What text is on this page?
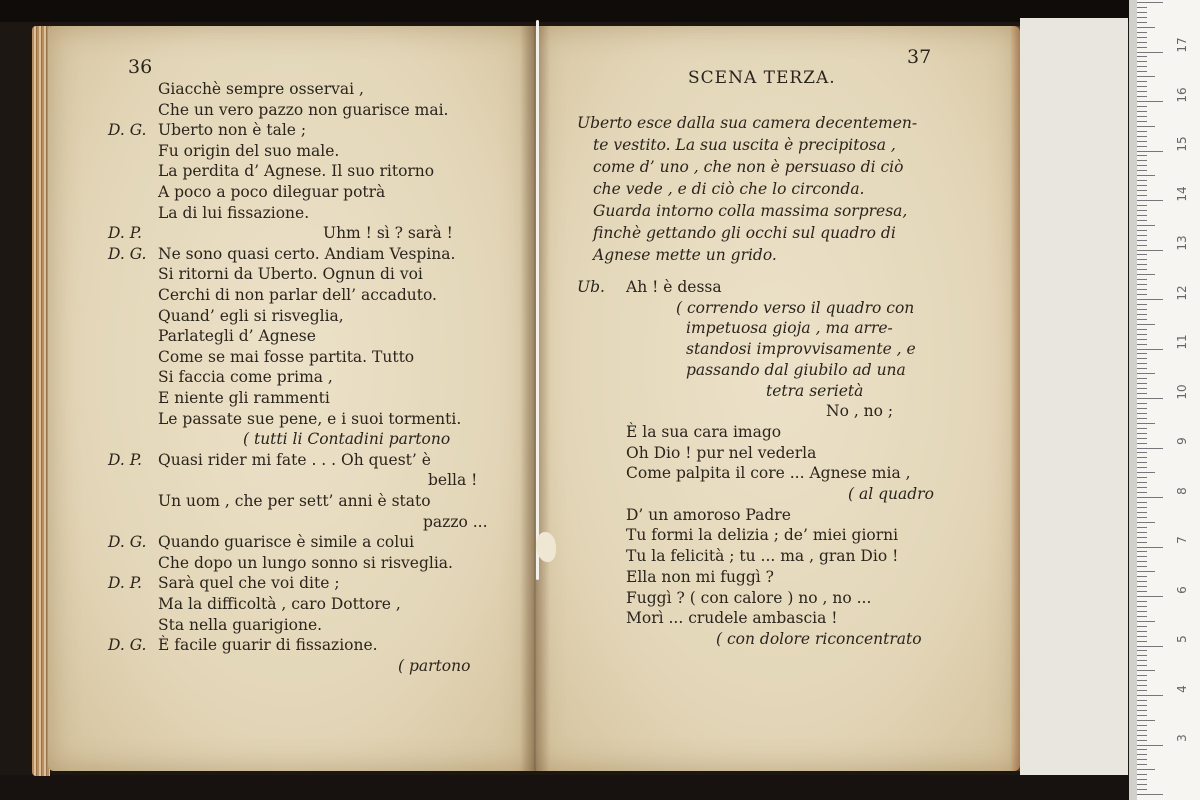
36
Giacchè sempre osservai ,
Che un vero pazzo non guarisce mai.
D. G. Uberto non è tale ;
Fu origin del suo male.
La perdita d’ Agnese. Il suo ritorno
A poco a poco dileguar potrà
La di lui fissazione.
D. P.	Uhm ! sì ? sarà !
D. G. Ne sono quasi certo. Andiam Vespina.
Si ritorni da Uberto. Ognun di voi
Cerchi di non parlar dell’ accaduto.
Quand’ egli si risveglia,
Parlategli d’ Agnese
Come se mai fosse partita. Tutto
Si faccia come prima ,
E niente gli rammenti
Le passate sue pene, e i suoi tormenti.
( tutti li Contadini partono
D. P. Quasi rider mi fate . . . Oh quest’ è
bella !
Un uom , che per sett’ anni è stato
pazzo ...
D. G. Quando guarisce è simile a colui
Che dopo un lungo sonno si risveglia.
D. P. Sarà quel che voi dite ;
Ma la difficoltà , caro Dottore ,
Sta nella guarigione.
D. G. È facile guarir di fissazione.
( partono
37
SCENA TERZA.
Uberto esce dalla sua camera decentemen-
te vestito. La sua uscita è precipitosa ,
come d’ uno , che non è persuaso di ciò
che vede , e di ciò che lo circonda.
Guarda intorno colla massima sorpresa,
finchè gettando gli occhi sul quadro di
Agnese mette un grido.
Ub. Ah ! è dessa
( correndo verso il quadro con
impetuosa gioja , ma arre-
standosi improvvisamente , e
passando dal giubilo ad una
tetra serietà
No , no ;
È la sua cara imago
Oh Dio ! pur nel vederla
Come palpita il core ... Agnese mia ,
( al quadro
D’ un amoroso Padre
Tu formi la delizia ; de’ miei giorni
Tu la felicità ; tu ... ma , gran Dio !
Ella non mi fuggì ?
Fuggì ? ( con calore ) no , no ...
Morì ... crudele ambascia !
( con dolore riconcentrato
17
16
15
14
13
12
11
10
9
8
7
6
5
4
3
